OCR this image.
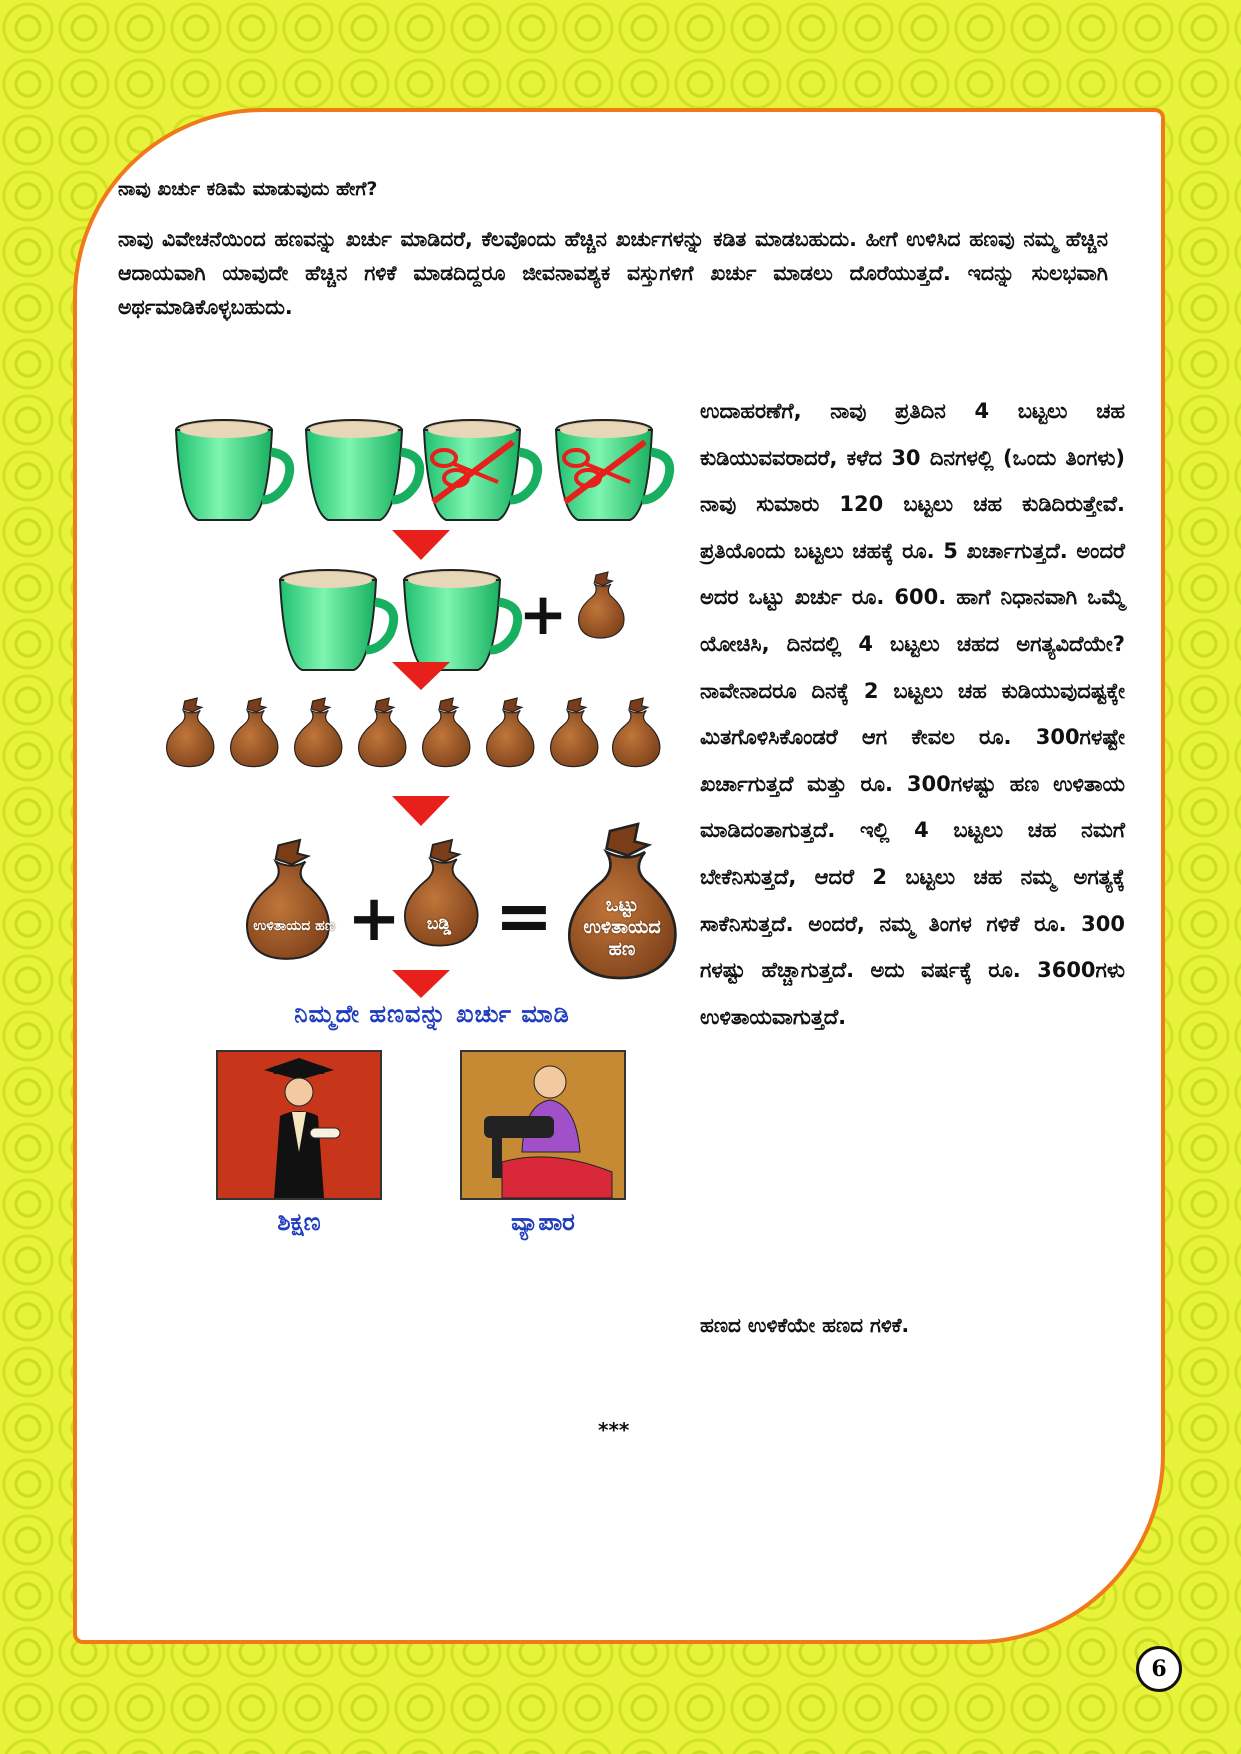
ನಾವು ಖರ್ಚು ಕಡಿಮೆ ಮಾಡುವುದು ಹೇಗೆ?

ನಾವು ವಿವೇಚನೆಯಿಂದ ಹಣವನ್ನು ಖರ್ಚು ಮಾಡಿದರೆ, ಕೆಲವೊಂದು ಹೆಚ್ಚಿನ ಖರ್ಚುಗಳನ್ನು ಕಡಿತ ಮಾಡಬಹುದು. ಹೀಗೆ ಉಳಿಸಿದ ಹಣವು ನಮ್ಮ ಹೆಚ್ಚಿನ ಆದಾಯವಾಗಿ ಯಾವುದೇ ಹೆಚ್ಚಿನ ಗಳಿಕೆ ಮಾಡದಿದ್ದರೂ ಜೀವನಾವಶ್ಯಕ ವಸ್ತುಗಳಿಗೆ ಖರ್ಚು ಮಾಡಲು ದೊರೆಯುತ್ತದೆ. ಇದನ್ನು ಸುಲಭವಾಗಿ ಅರ್ಥಮಾಡಿಕೊಳ್ಳಬಹುದು.

ಉದಾಹರಣೆಗೆ, ನಾವು ಪ್ರತಿದಿನ 4 ಬಟ್ಟಲು ಚಹ ಕುಡಿಯುವವರಾದರೆ, ಕಳೆದ 30 ದಿನಗಳಲ್ಲಿ (ಒಂದು ತಿಂಗಳು) ನಾವು ಸುಮಾರು 120 ಬಟ್ಟಲು ಚಹ ಕುಡಿದಿರುತ್ತೇವೆ. ಪ್ರತಿಯೊಂದು ಬಟ್ಟಲು ಚಹಕ್ಕೆ ರೂ. 5 ಖರ್ಚಾಗುತ್ತದೆ. ಅಂದರೆ ಅದರ ಒಟ್ಟು ಖರ್ಚು ರೂ. 600. ಹಾಗೆ ನಿಧಾನವಾಗಿ ಒಮ್ಮೆ ಯೋಚಿಸಿ, ದಿನದಲ್ಲಿ 4 ಬಟ್ಟಲು ಚಹದ ಅಗತ್ಯವಿದೆಯೇ? ನಾವೇನಾದರೂ ದಿನಕ್ಕೆ 2 ಬಟ್ಟಲು ಚಹ ಕುಡಿಯುವುದಷ್ಟಕ್ಕೇ ಮಿತಗೊಳಿಸಿಕೊಂಡರೆ ಆಗ ಕೇವಲ ರೂ. 300ಗಳಷ್ಟೇ ಖರ್ಚಾಗುತ್ತದೆ ಮತ್ತು ರೂ. 300ಗಳಷ್ಟು ಹಣ ಉಳಿತಾಯ ಮಾಡಿದಂತಾಗುತ್ತದೆ. ಇಲ್ಲಿ 4 ಬಟ್ಟಲು ಚಹ ನಮಗೆ ಬೇಕೆನಿಸುತ್ತದೆ, ಆದರೆ 2 ಬಟ್ಟಲು ಚಹ ನಮ್ಮ ಅಗತ್ಯಕ್ಕೆ ಸಾಕೆನಿಸುತ್ತದೆ. ಅಂದರೆ, ನಮ್ಮ ತಿಂಗಳ ಗಳಿಕೆ ರೂ. 300 ಗಳಷ್ಟು ಹೆಚ್ಚಾಗುತ್ತದೆ. ಅದು ವರ್ಷಕ್ಕೆ ರೂ. 3600ಗಳು ಉಳಿತಾಯವಾಗುತ್ತದೆ.

ಹಣದ ಉಳಿಕೆಯೇ ಹಣದ ಗಳಿಕೆ.
***
6
+
+ =
ಉಳಿತಾಯದ ಹಣ	ಬಡ್ಡಿ
ಒಟ್ಟು ಉಳಿತಾಯದ ಹಣ
ನಿಮ್ಮದೇ ಹಣವನ್ನು ಖರ್ಚು ಮಾಡಿ
ಶಿಕ್ಷಣ	ವ್ಯಾಪಾರ
